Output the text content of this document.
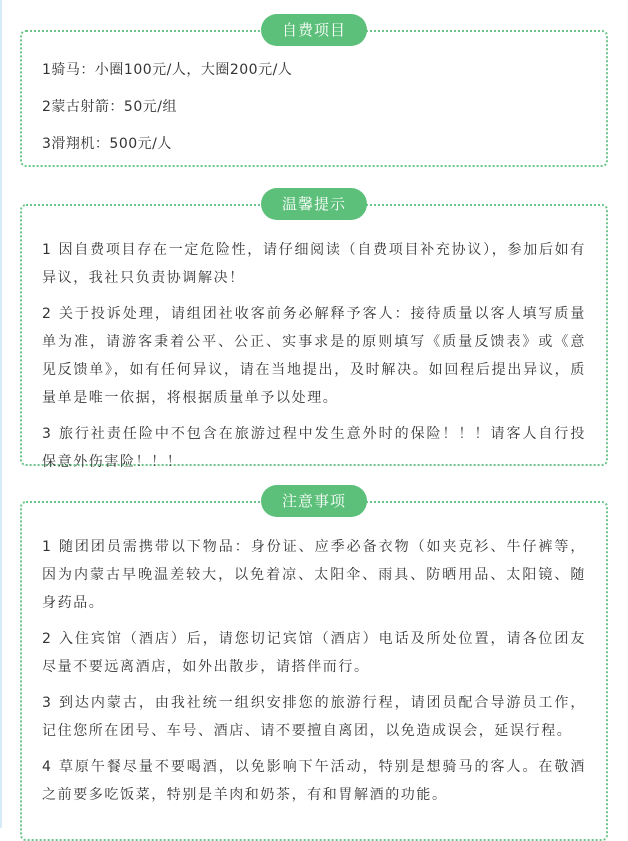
自费项目
1骑马：小圈100元/人，大圈200元/人
2蒙古射箭：50元/组
3滑翔机：500元/人
温馨提示
1 因自费项目存在一定危险性，请仔细阅读（自费项目补充协议），参加后如有异议，我社只负责协调解决！
2 关于投诉处理，请组团社收客前务必解释予客人：接待质量以客人填写质量单为准，请游客秉着公平、公正、实事求是的原则填写《质量反馈表》或《意见反馈单》，如有任何异议，请在当地提出，及时解决。如回程后提出异议，质量单是唯一依据，将根据质量单予以处理。
3 旅行社责任险中不包含在旅游过程中发生意外时的保险！！！请客人自行投保意外伤害险！！！
注意事项
1 随团团员需携带以下物品：身份证、应季必备衣物（如夹克衫、牛仔裤等，因为内蒙古早晚温差较大，以免着凉、太阳伞、雨具、防晒用品、太阳镜、随身药品。
2 入住宾馆（酒店）后，请您切记宾馆（酒店）电话及所处位置，请各位团友尽量不要远离酒店，如外出散步，请搭伴而行。
3 到达内蒙古，由我社统一组织安排您的旅游行程，请团员配合导游员工作，记住您所在团号、车号、酒店、请不要擅自离团，以免造成误会，延误行程。
4 草原午餐尽量不要喝酒，以免影响下午活动，特别是想骑马的客人。在敬酒之前要多吃饭菜，特别是羊肉和奶茶，有和胃解酒的功能。
